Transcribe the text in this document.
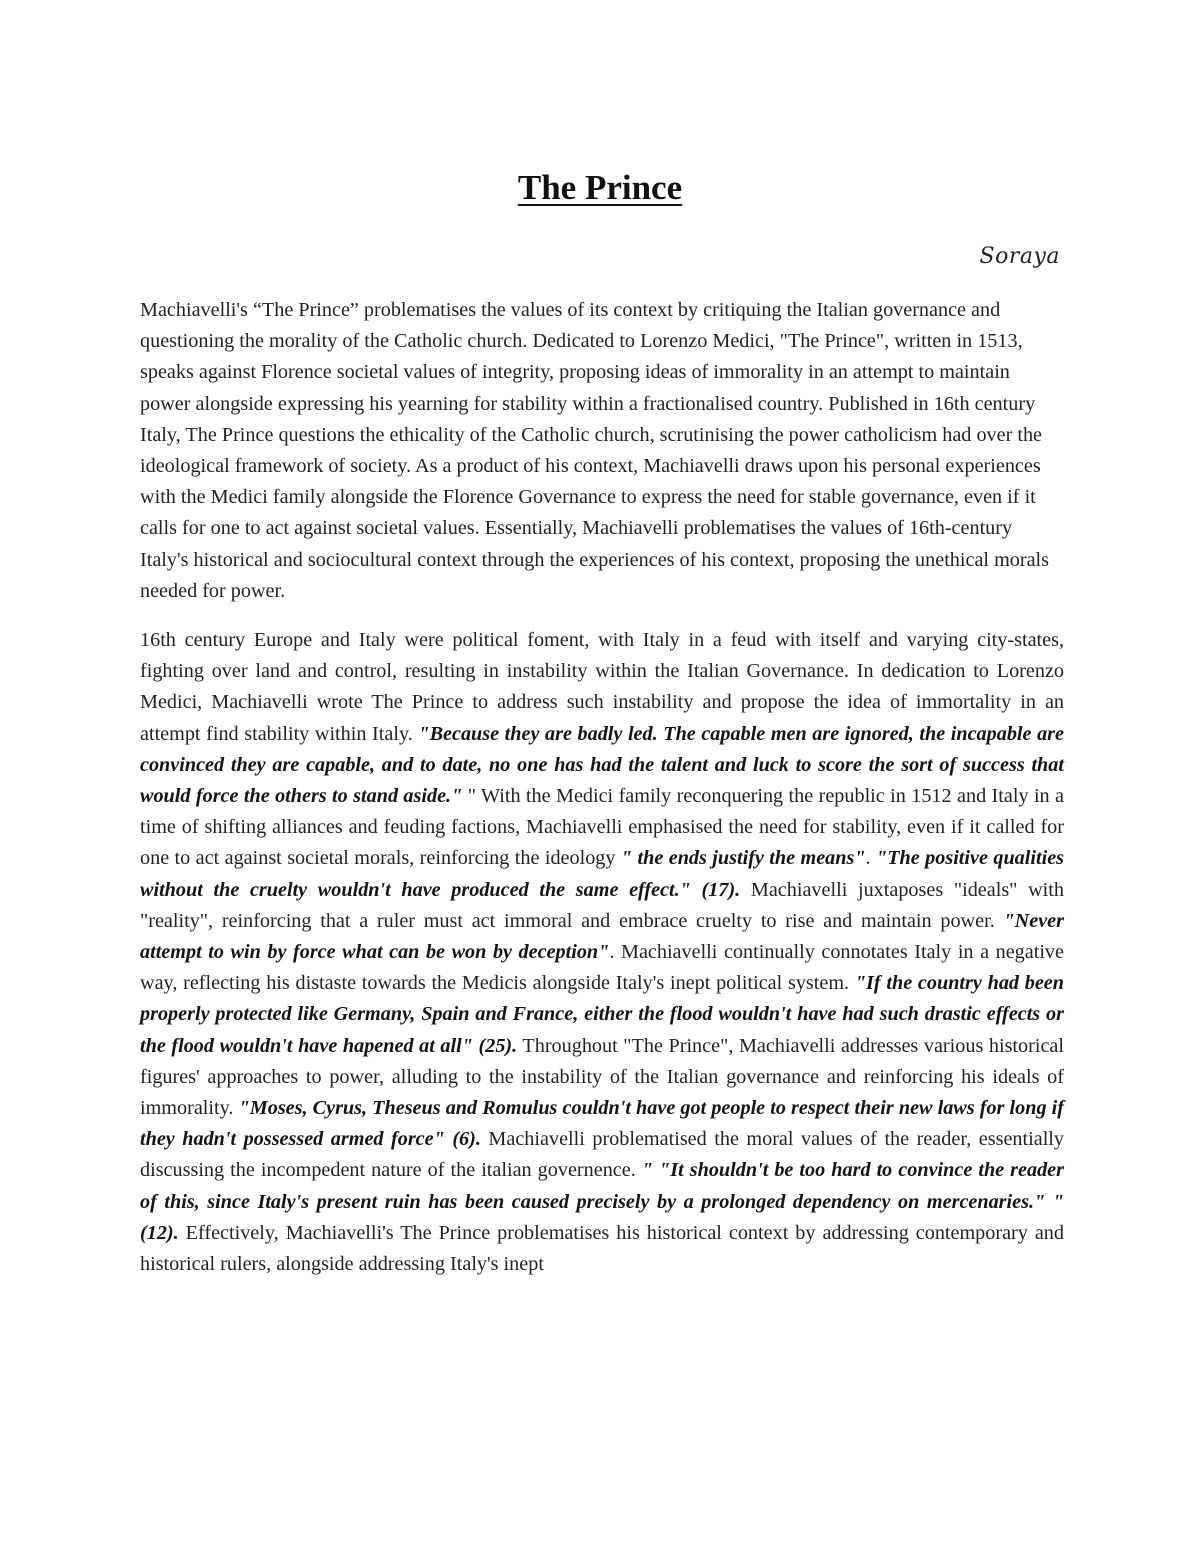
The Prince
Soraya

Machiavelli's “The Prince” problematises the values of its context by critiquing the Italian governance and questioning the morality of the Catholic church. Dedicated to Lorenzo Medici, "The Prince", written in 1513, speaks against Florence societal values of integrity, proposing ideas of immorality in an attempt to maintain power alongside expressing his yearning for stability within a fractionalised country. Published in 16th century Italy, The Prince questions the ethicality of the Catholic church, scrutinising the power catholicism had over the ideological framework of society. As a product of his context, Machiavelli draws upon his personal experiences with the Medici family alongside the Florence Governance to express the need for stable governance, even if it calls for one to act against societal values. Essentially, Machiavelli problematises the values of 16th-century Italy's historical and sociocultural context through the experiences of his context, proposing the unethical morals needed for power.

16th century Europe and Italy were political foment, with Italy in a feud with itself and varying city-states, fighting over land and control, resulting in instability within the Italian Governance. In dedication to Lorenzo Medici, Machiavelli wrote The Prince to address such instability and propose the idea of immortality in an attempt find stability within Italy. "Because they are badly led. The capable men are ignored, the incapable are convinced they are capable, and to date, no one has had the talent and luck to score the sort of success that would force the others to stand aside." " With the Medici family reconquering the republic in 1512 and Italy in a time of shifting alliances and feuding factions, Machiavelli emphasised the need for stability, even if it called for one to act against societal morals, reinforcing the ideology " the ends justify the means". "The positive qualities without the cruelty wouldn't have produced the same effect." (17). Machiavelli juxtaposes "ideals" with "reality", reinforcing that a ruler must act immoral and embrace cruelty to rise and maintain power. "Never attempt to win by force what can be won by deception". Machiavelli continually connotates Italy in a negative way, reflecting his distaste towards the Medicis alongside Italy's inept political system. "If the country had been properly protected like Germany, Spain and France, either the flood wouldn't have had such drastic effects or the flood wouldn't have hapened at all" (25). Throughout "The Prince", Machiavelli addresses various historical figures' approaches to power, alluding to the instability of the Italian governance and reinforcing his ideals of immorality. "Moses, Cyrus, Theseus and Romulus couldn't have got people to respect their new laws for long if they hadn't possessed armed force" (6). Machiavelli problematised the moral values of the reader, essentially discussing the incompedent nature of the italian governence. " "It shouldn't be too hard to convince the reader of this, since Italy's present ruin has been caused precisely by a prolonged dependency on mercenaries." " (12). Effectively, Machiavelli's The Prince problematises his historical context by addressing contemporary and historical rulers, alongside addressing Italy's inept
